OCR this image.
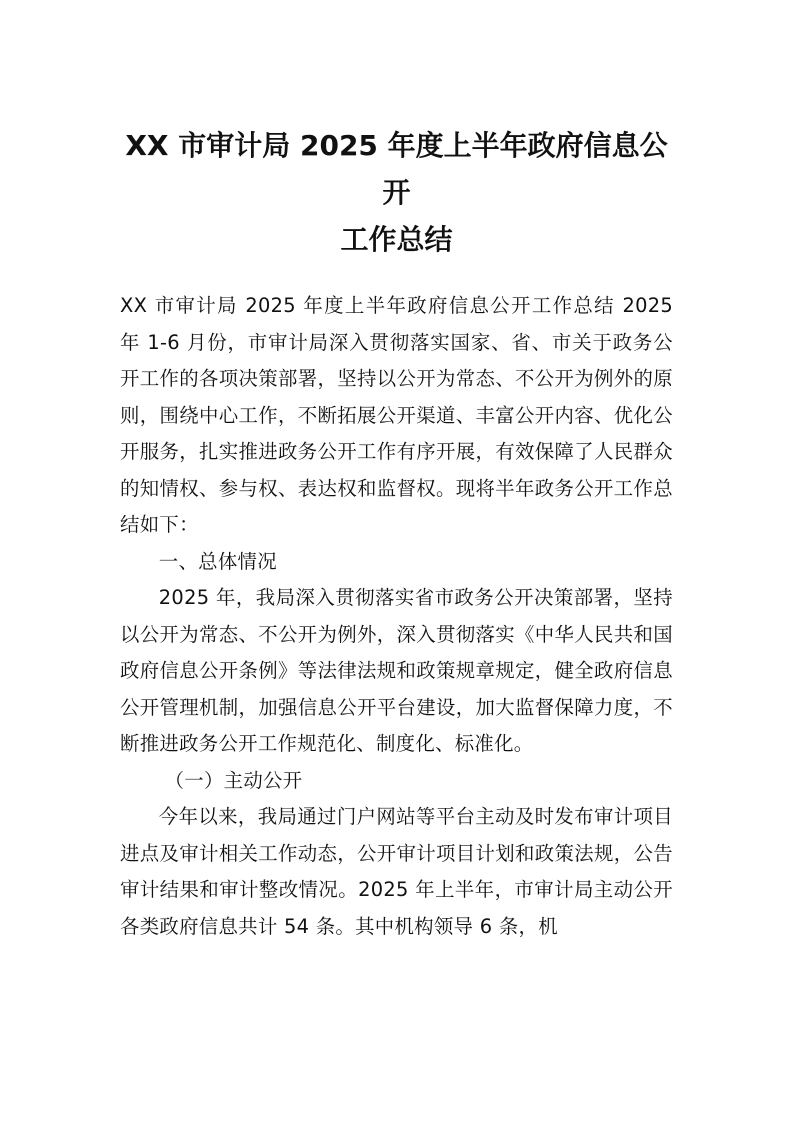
XX 市审计局 2025 年度上半年政府信息公开
工作总结

XX 市审计局 2025 年度上半年政府信息公开工作总结 2025 年 1-6 月份，市审计局深入贯彻落实国家、省、市关于政务公开工作的各项决策部署，坚持以公开为常态、不公开为例外的原则，围绕中心工作，不断拓展公开渠道、丰富公开内容、优化公开服务，扎实推进政务公开工作有序开展，有效保障了人民群众的知情权、参与权、表达权和监督权。现将半年政务公开工作总结如下：

一、总体情况

2025 年，我局深入贯彻落实省市政务公开决策部署，坚持以公开为常态、不公开为例外，深入贯彻落实《中华人民共和国政府信息公开条例》等法律法规和政策规章规定，健全政府信息公开管理机制，加强信息公开平台建设，加大监督保障力度，不断推进政务公开工作规范化、制度化、标准化。

（一）主动公开

今年以来，我局通过门户网站等平台主动及时发布审计项目进点及审计相关工作动态，公开审计项目计划和政策法规，公告审计结果和审计整改情况。2025 年上半年，市审计局主动公开各类政府信息共计 54 条。其中机构领导 6 条，机
